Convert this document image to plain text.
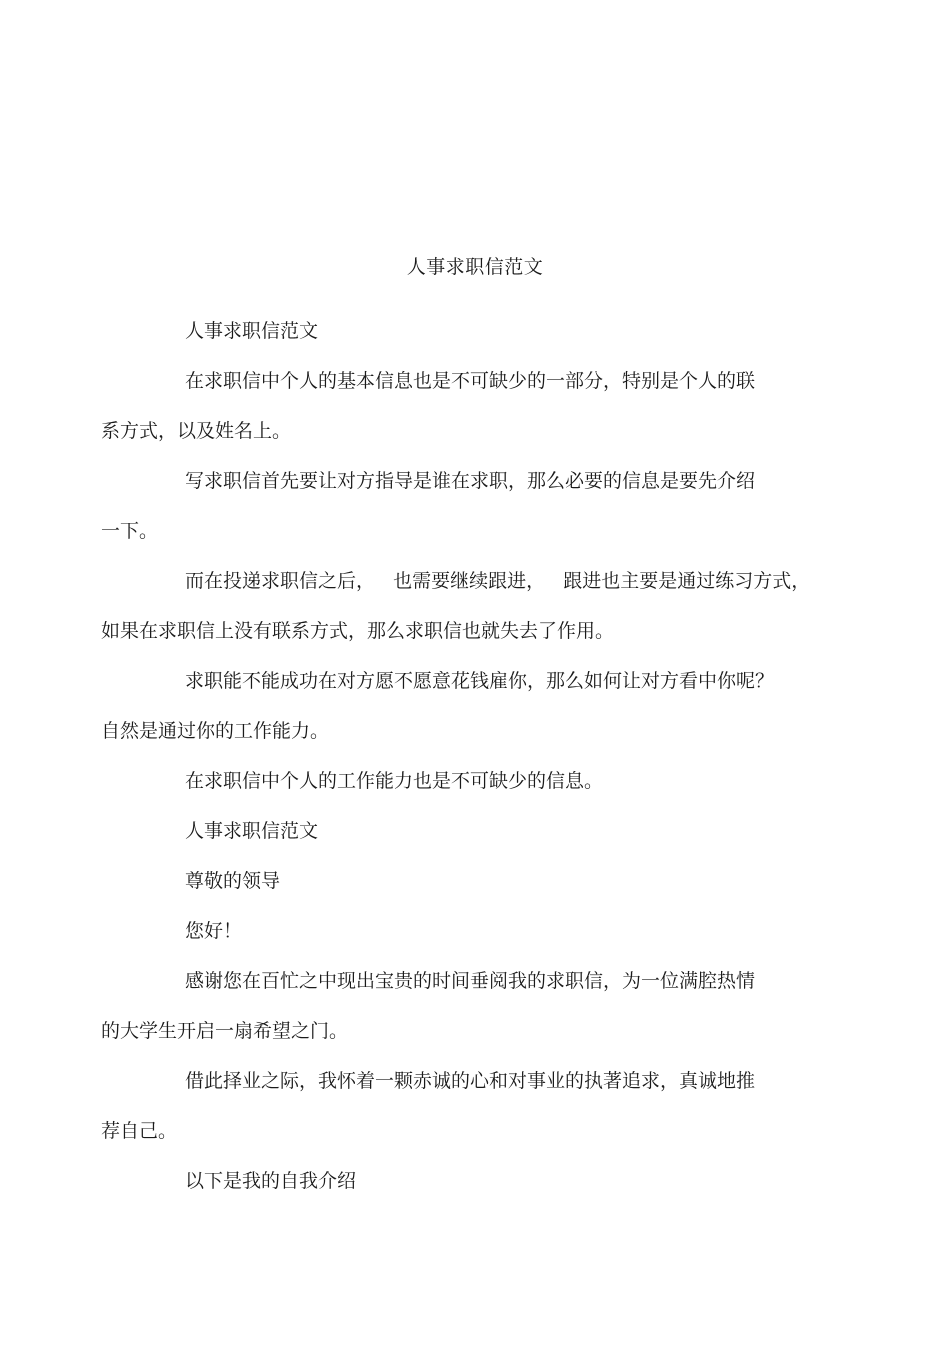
人事求职信范文
人事求职信范文
在求职信中个人的基本信息也是不可缺少的一部分，特别是个人的联
系方式，以及姓名上。
写求职信首先要让对方指导是谁在求职，那么必要的信息是要先介绍
一下。
而在投递求职信之后，   也需要继续跟进，   跟进也主要是通过练习方式，
如果在求职信上没有联系方式，那么求职信也就失去了作用。
求职能不能成功在对方愿不愿意花钱雇你，那么如何让对方看中你呢？
自然是通过你的工作能力。
在求职信中个人的工作能力也是不可缺少的信息。
人事求职信范文
尊敬的领导
您好！
感谢您在百忙之中现出宝贵的时间垂阅我的求职信，为一位满腔热情
的大学生开启一扇希望之门。
借此择业之际，我怀着一颗赤诚的心和对事业的执著追求，真诚地推
荐自己。
以下是我的自我介绍
